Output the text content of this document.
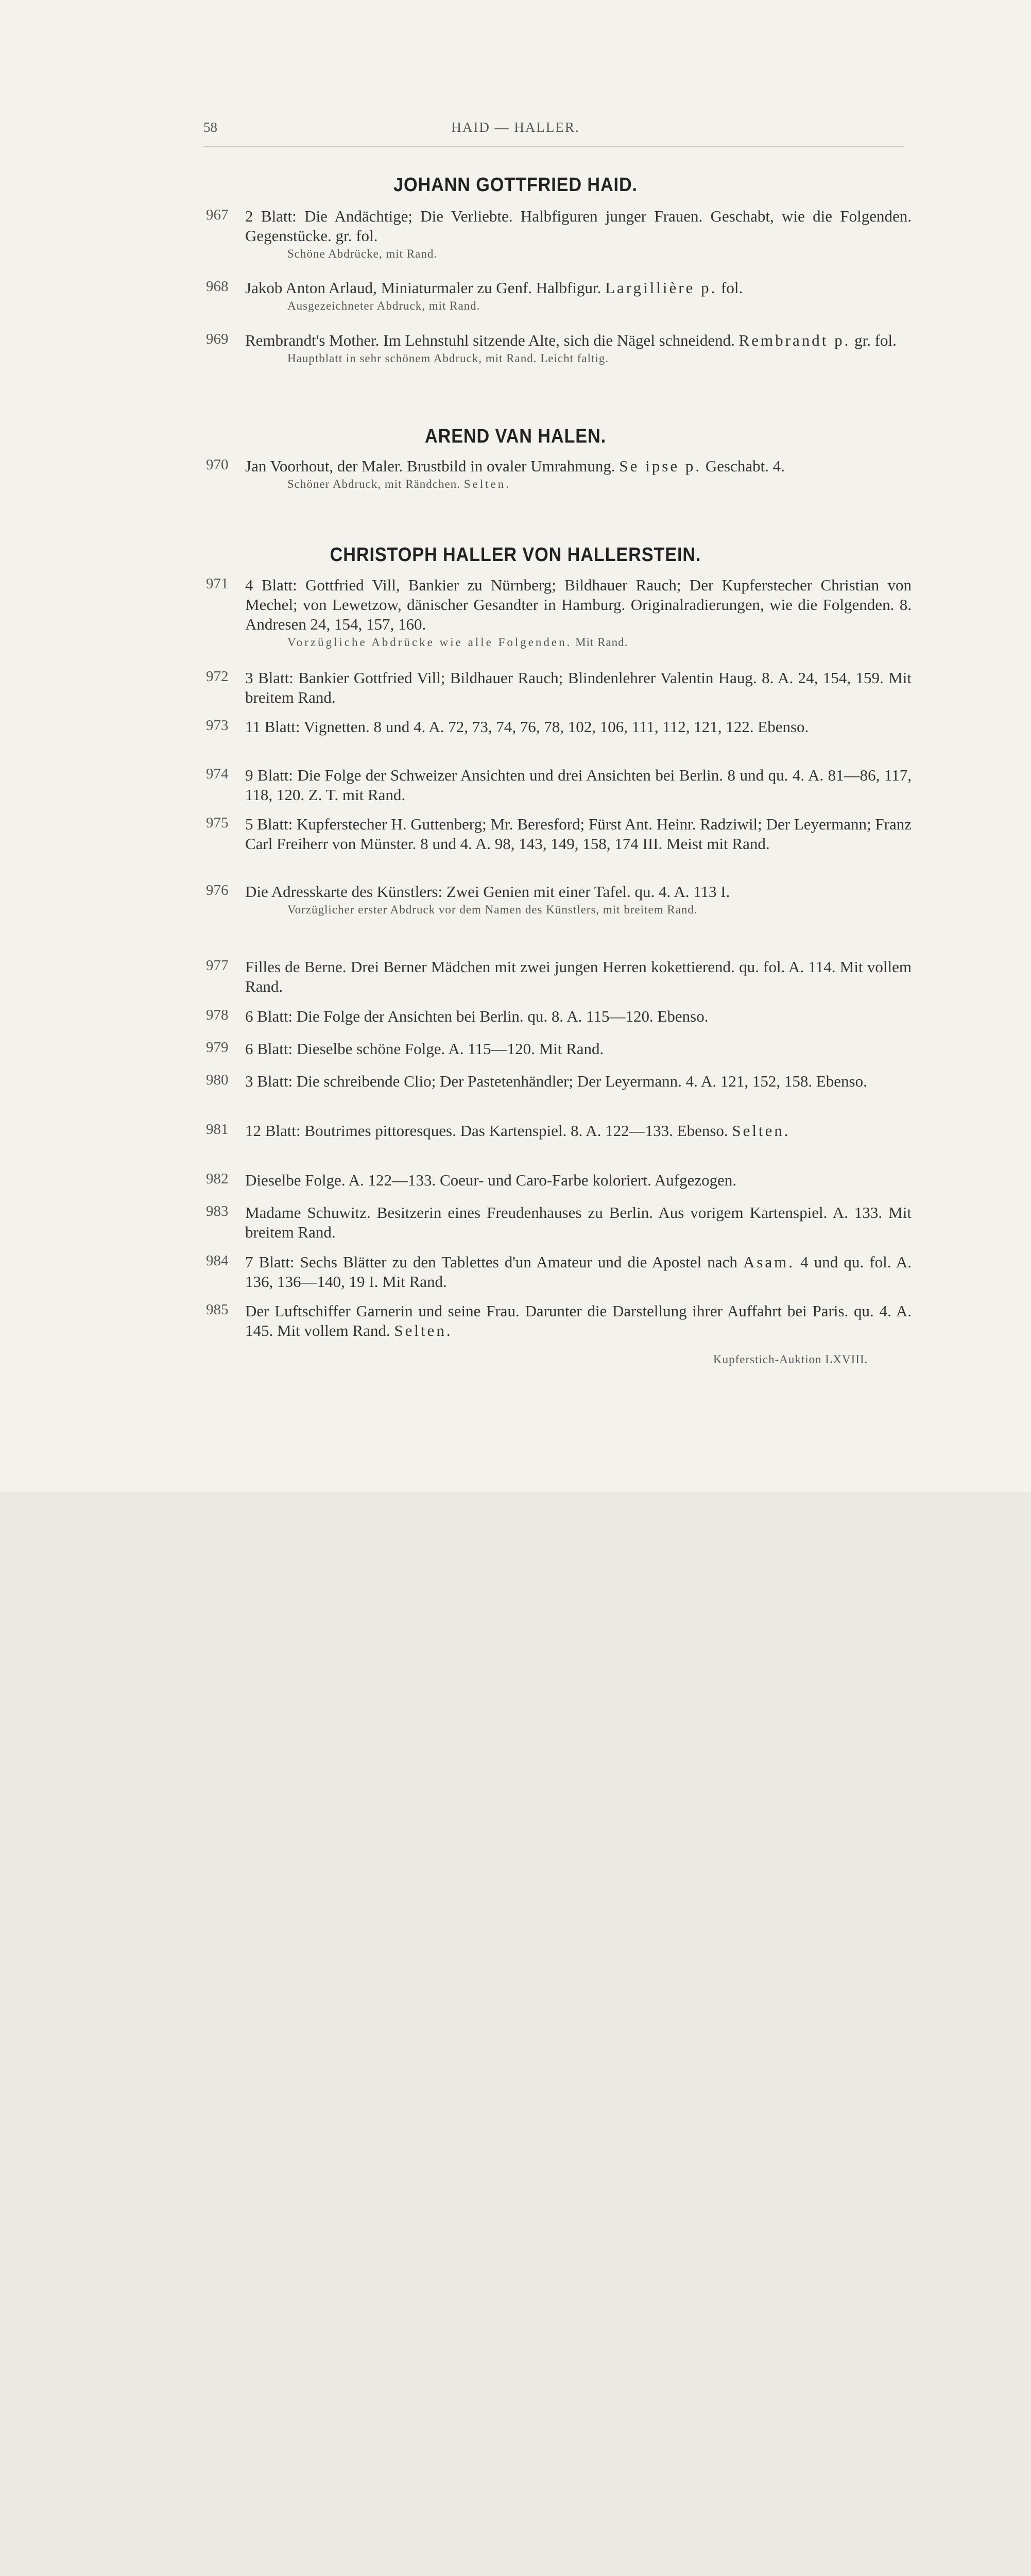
58	HAID — HALLER.
JOHANN GOTTFRIED HAID.
967 2 Blatt: Die Andächtige; Die Verliebte. Halbfiguren junger Frauen. Geschabt, wie die Folgenden. Gegenstücke. gr. fol.
Schöne Abdrücke, mit Rand.
968 Jakob Anton Arlaud, Miniaturmaler zu Genf. Halbfigur. Largillière p. fol.
Ausgezeichneter Abdruck, mit Rand.
969 Rembrandt's Mother. Im Lehnstuhl sitzende Alte, sich die Nägel schneidend. Rembrandt p. gr. fol.
Hauptblatt in sehr schönem Abdruck, mit Rand. Leicht faltig.
AREND VAN HALEN.
970 Jan Voorhout, der Maler. Brustbild in ovaler Umrahmung. Se ipse p. Geschabt. 4.
Schöner Abdruck, mit Rändchen. Selten.
CHRISTOPH HALLER VON HALLERSTEIN.
971 4 Blatt: Gottfried Vill, Bankier zu Nürnberg; Bildhauer Rauch; Der Kupferstecher Christian von Mechel; von Lewetzow, dänischer Gesandter in Hamburg. Originalradierungen, wie die Folgenden. 8. Andresen 24, 154, 157, 160.
Vorzügliche Abdrücke wie alle Folgenden. Mit Rand.
972 3 Blatt: Bankier Gottfried Vill; Bildhauer Rauch; Blindenlehrer Valentin Haug. 8. A. 24, 154, 159. Mit breitem Rand.
973 11 Blatt: Vignetten. 8 und 4. A. 72, 73, 74, 76, 78, 102, 106, 111, 112, 121, 122. Ebenso.
974 9 Blatt: Die Folge der Schweizer Ansichten und drei Ansichten bei Berlin. 8 und qu. 4. A. 81—86, 117, 118, 120. Z. T. mit Rand.
975 5 Blatt: Kupferstecher H. Guttenberg; Mr. Beresford; Fürst Ant. Heinr. Radziwil; Der Leyermann; Franz Carl Freiherr von Münster. 8 und 4. A. 98, 143, 149, 158, 174 III. Meist mit Rand.
976 Die Adresskarte des Künstlers: Zwei Genien mit einer Tafel. qu. 4. A. 113 I.
Vorzüglicher erster Abdruck vor dem Namen des Künstlers, mit breitem Rand.
977 Filles de Berne. Drei Berner Mädchen mit zwei jungen Herren kokettierend. qu. fol. A. 114. Mit vollem Rand.
978 6 Blatt: Die Folge der Ansichten bei Berlin. qu. 8. A. 115—120. Ebenso.
979 6 Blatt: Dieselbe schöne Folge. A. 115—120. Mit Rand.
980 3 Blatt: Die schreibende Clio; Der Pastetenhändler; Der Leyermann. 4. A. 121, 152, 158. Ebenso.
981 12 Blatt: Boutrimes pittoresques. Das Kartenspiel. 8. A. 122—133. Ebenso. Selten.
982 Dieselbe Folge. A. 122—133. Coeur- und Caro-Farbe koloriert. Aufgezogen.
983 Madame Schuwitz. Besitzerin eines Freudenhauses zu Berlin. Aus vorigem Kartenspiel. A. 133. Mit breitem Rand.
984 7 Blatt: Sechs Blätter zu den Tablettes d'un Amateur und die Apostel nach Asam. 4 und qu. fol. A. 136, 136—140, 19 I. Mit Rand.
985 Der Luftschiffer Garnerin und seine Frau. Darunter die Darstellung ihrer Auffahrt bei Paris. qu. 4. A. 145. Mit vollem Rand. Selten.
Kupferstich-Auktion LXVIII.
